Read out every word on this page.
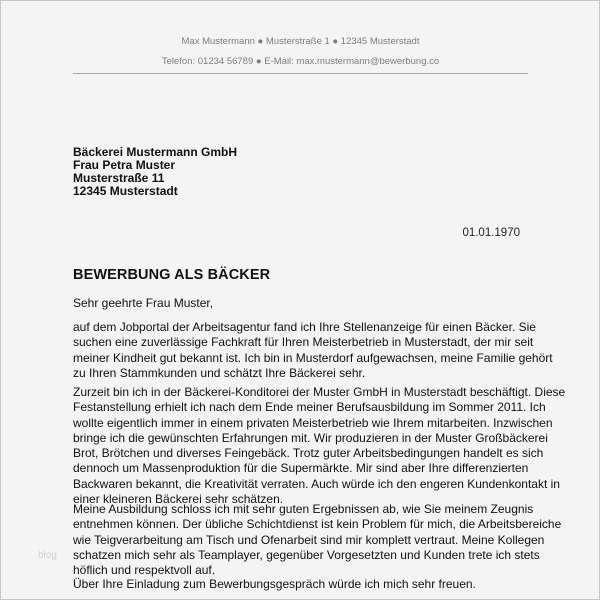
Max Mustermann ● Musterstraße 1 ● 12345 Musterstadt
Telefon: 01234 56789 ● E-Mail: max.mustermann@bewerbung.co
Bäckerei Mustermann GmbH
Frau Petra Muster
Musterstraße 11
12345 Musterstadt
01.01.1970
BEWERBUNG ALS BÄCKER
Sehr geehrte Frau Muster,
auf dem Jobportal der Arbeitsagentur fand ich Ihre Stellenanzeige für einen Bäcker. Sie
suchen eine zuverlässige Fachkraft für Ihren Meisterbetrieb in Musterstadt, der mir seit
meiner Kindheit gut bekannt ist. Ich bin in Musterdorf aufgewachsen, meine Familie gehört
zu Ihren Stammkunden und schätzt Ihre Bäckerei sehr.
Zurzeit bin ich in der Bäckerei-Konditorei der Muster GmbH in Musterstadt beschäftigt. Diese
Festanstellung erhielt ich nach dem Ende meiner Berufsausbildung im Sommer 2011. Ich
wollte eigentlich immer in einem privaten Meisterbetrieb wie Ihrem mitarbeiten. Inzwischen
bringe ich die gewünschten Erfahrungen mit. Wir produzieren in der Muster Großbäckerei
Brot, Brötchen und diverses Feingebäck. Trotz guter Arbeitsbedingungen handelt es sich
dennoch um Massenproduktion für die Supermärkte. Mir sind aber Ihre differenzierten
Backwaren bekannt, die Kreativität verraten. Auch würde ich den engeren Kundenkontakt in
einer kleineren Bäckerei sehr schätzen.
Meine Ausbildung schloss ich mit sehr guten Ergebnissen ab, wie Sie meinem Zeugnis
entnehmen können. Der übliche Schichtdienst ist kein Problem für mich, die Arbeitsbereiche
wie Teigverarbeitung am Tisch und Ofenarbeit sind mir komplett vertraut. Meine Kollegen
schatzen mich sehr als Teamplayer, gegenüber Vorgesetzten und Kunden trete ich stets
höflich und respektvoll auf.
Über Ihre Einladung zum Bewerbungsgespräch würde ich mich sehr freuen.
blog
